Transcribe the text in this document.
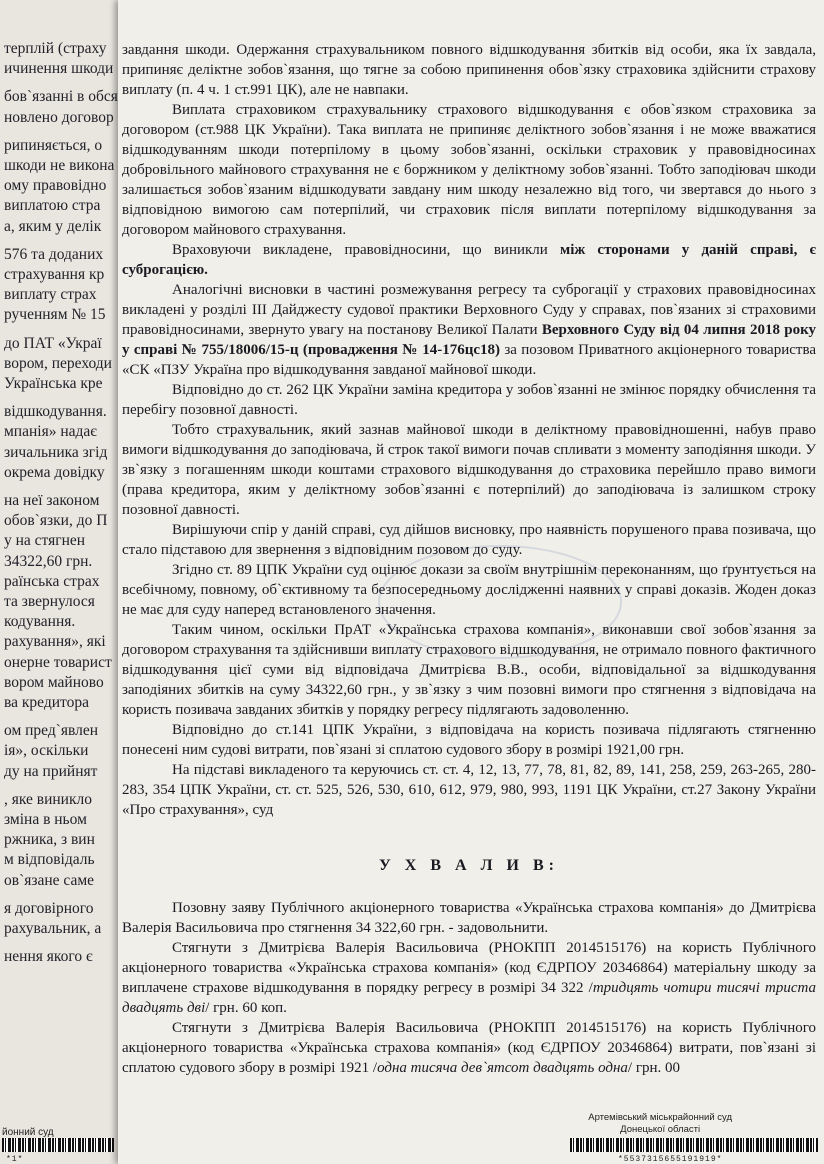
терплій (страху
ичинення шкоди
бов`язанні в обся
новлено договор
рипиняється, о
шкоди не викона
ому правовідно
виплатою стра
а, яким у делік
576 та доданих
страхування кр
виплату страх
рученням № 15
до ПАТ «Украї
вором, переходи
Українська кре
відшкодування.
мпанія» надає
зичальника згід
окрема довідку
на неї законом
обов`язки, до П
у на стягнен
34322,60 грн.
раїнська страх
та звернулося
кодування.
рахування», які
онерне товарист
вором майново
ва кредитора
ом пред`явлен
ія», оскільки
ду на прийнят
, яке виникло
зміна в ньом
ржника, з вин
м відповідаль
ов`язане саме
я договірного
рахувальник, а
нення якого є
йонний суд
*1*

завдання шкоди. Одержання страхувальником повного відшкодування збитків від особи, яка їх завдала, припиняє деліктне зобов`язання, що тягне за собою припинення обов`язку страховика здійснити страхову виплату (п. 4 ч. 1 ст.991 ЦК), але не навпаки.

Виплата страховиком страхувальнику страхового відшкодування є обов`язком страховика за договором (ст.988 ЦК України). Така виплата не припиняє деліктного зобов`язання і не може вважатися відшкодуванням шкоди потерпілому в цьому зобов`язанні, оскільки страховик у правовідносинах добровільного майнового страхування не є боржником у деліктному зобов`язанні. Тобто заподіювач шкоди залишається зобов`язаним відшкодувати завдану ним шкоду незалежно від того, чи звертався до нього з відповідною вимогою сам потерпілий, чи страховик після виплати потерпілому відшкодування за договором майнового страхування.

Враховуючи викладене, правовідносини, що виникли між сторонами у даній справі, є суброгацією.

Аналогічні висновки в частині розмежування регресу та суброгації у страхових правовідносинах викладені у розділі ІІІ Дайджесту судової практики Верховного Суду у справах, пов`язаних зі страховими правовідносинами, звернуто увагу на постанову Великої Палати Верховного Суду від 04 липня 2018 року у справі № 755/18006/15-ц (провадження № 14-176цс18) за позовом Приватного акціонерного товариства «СК «ПЗУ Україна про відшкодування завданої майнової шкоди.

Відповідно до ст. 262 ЦК України заміна кредитора у зобов`язанні не змінює порядку обчислення та перебігу позовної давності.

Тобто страхувальник, який зазнав майнової шкоди в деліктному правовідношенні, набув право вимоги відшкодування до заподіювача, й строк такої вимоги почав спливати з моменту заподіяння шкоди. У зв`язку з погашенням шкоди коштами страхового відшкодування до страховика перейшло право вимоги (права кредитора, яким у деліктному зобов`язанні є потерпілий) до заподіювача із залишком строку позовної давності.

Вирішуючи спір у даній справі, суд дійшов висновку, про наявність порушеного права позивача, що стало підставою для звернення з відповідним позовом до суду.

Згідно ст. 89 ЦПК України суд оцінює докази за своїм внутрішнім переконанням, що ґрунтується на всебічному, повному, об`єктивному та безпосередньому дослідженні наявних у справі доказів. Жоден доказ не має для суду наперед встановленого значення.

Таким чином, оскільки ПрАТ «Українська страхова компанія», виконавши свої зобов`язання за договором страхування та здійснивши виплату страхового відшкодування, не отримало повного фактичного відшкодування цієї суми від відповідача Дмитрієва В.В., особи, відповідальної за відшкодування заподіяних збитків на суму 34322,60 грн., у зв`язку з чим позовні вимоги про стягнення з відповідача на користь позивача завданих збитків у порядку регресу підлягають задоволенню.

Відповідно до ст.141 ЦПК України, з відповідача на користь позивача підлягають стягненню понесені ним судові витрати, пов`язані зі сплатою судового збору в розмірі 1921,00 грн.

На підставі викладеного та керуючись ст. ст. 4, 12, 13, 77, 78, 81, 82, 89, 141, 258, 259, 263-265, 280-283, 354 ЦПК України, ст. ст. 525, 526, 530, 610, 612, 979, 980, 993, 1191 ЦК України, ст.27 Закону України «Про страхування», суд

У Х В А Л И В:

Позовну заяву Публічного акціонерного товариства «Українська страхова компанія» до Дмитрієва Валерія Васильовича про стягнення 34 322,60 грн. - задовольнити.

Стягнути з Дмитрієва Валерія Васильовича (РНОКПП 2014515176) на користь Публічного акціонерного товариства «Українська страхова компанія» (код ЄДРПОУ 20346864) матеріальну шкоду за виплачене страхове відшкодування в порядку регресу в розмірі 34 322 /тридцять чотири тисячі триста двадцять дві/ грн. 60 коп.

Стягнути з Дмитрієва Валерія Васильовича (РНОКПП 2014515176) на користь Публічного акціонерного товариства «Українська страхова компанія» (код ЄДРПОУ 20346864) витрати, пов`язані зі сплатою судового збору в розмірі 1921 /одна тисяча дев`ятсот двадцять одна/ грн. 00

Артемівський міськрайонний суд
Донецької області
*5537315655191919*
